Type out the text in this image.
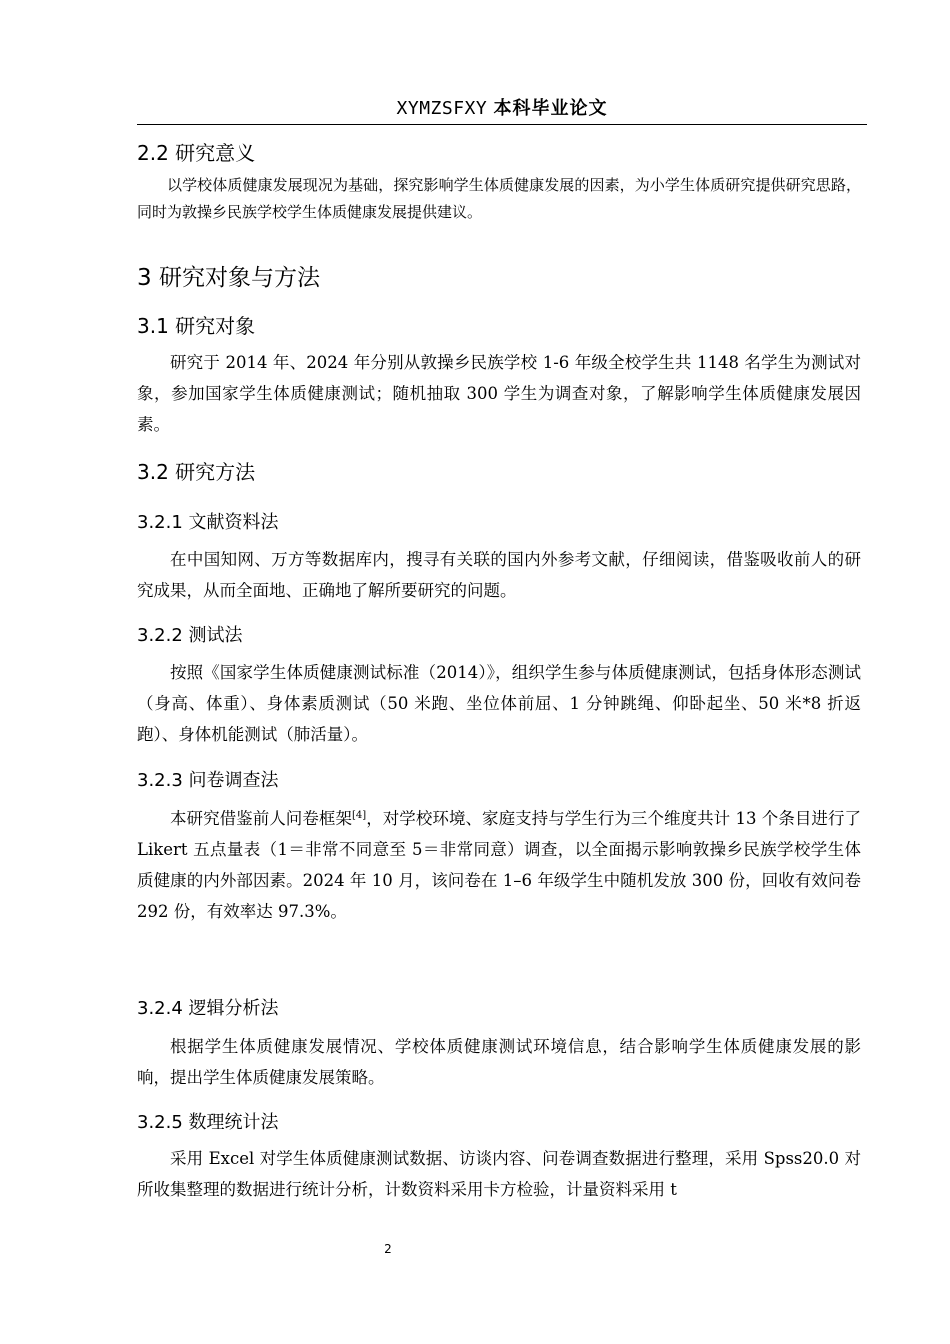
XYMZSFXY 本科毕业论文
2.2 研究意义

以学校体质健康发展现况为基础，探究影响学生体质健康发展的因素，为小学生体质研究提供研究思路，同时为敦操乡民族学校学生体质健康发展提供建议。

3 研究对象与方法
3.1 研究对象

研究于 2014 年、2024 年分别从敦操乡民族学校 1-6 年级全校学生共 1148 名学生为测试对象，参加国家学生体质健康测试；随机抽取 300 学生为调查对象，了解影响学生体质健康发展因素。

3.2 研究方法
3.2.1 文献资料法

在中国知网、万方等数据库内，搜寻有关联的国内外参考文献，仔细阅读，借鉴吸收前人的研究成果，从而全面地、正确地了解所要研究的问题。

3.2.2 测试法

按照《国家学生体质健康测试标准（2014）》，组织学生参与体质健康测试，包括身体形态测试（身高、体重）、身体素质测试（50 米跑、坐位体前屈、1 分钟跳绳、仰卧起坐、50 米*8 折返跑）、身体机能测试（肺活量）。

3.2.3 问卷调查法

本研究借鉴前人问卷框架[4]，对学校环境、家庭支持与学生行为三个维度共计 13 个条目进行了 Likert 五点量表（1＝非常不同意至 5＝非常同意）调查，以全面揭示影响敦操乡民族学校学生体质健康的内外部因素。2024 年 10 月，该问卷在 1–6 年级学生中随机发放 300 份，回收有效问卷 292 份，有效率达 97.3%。

3.2.4 逻辑分析法

根据学生体质健康发展情况、学校体质健康测试环境信息，结合影响学生体质健康发展的影响，提出学生体质健康发展策略。

3.2.5 数理统计法

采用 Excel 对学生体质健康测试数据、访谈内容、问卷调查数据进行整理，采用 Spss20.0 对所收集整理的数据进行统计分析，计数资料采用卡方检验，计量资料采用 t

2
